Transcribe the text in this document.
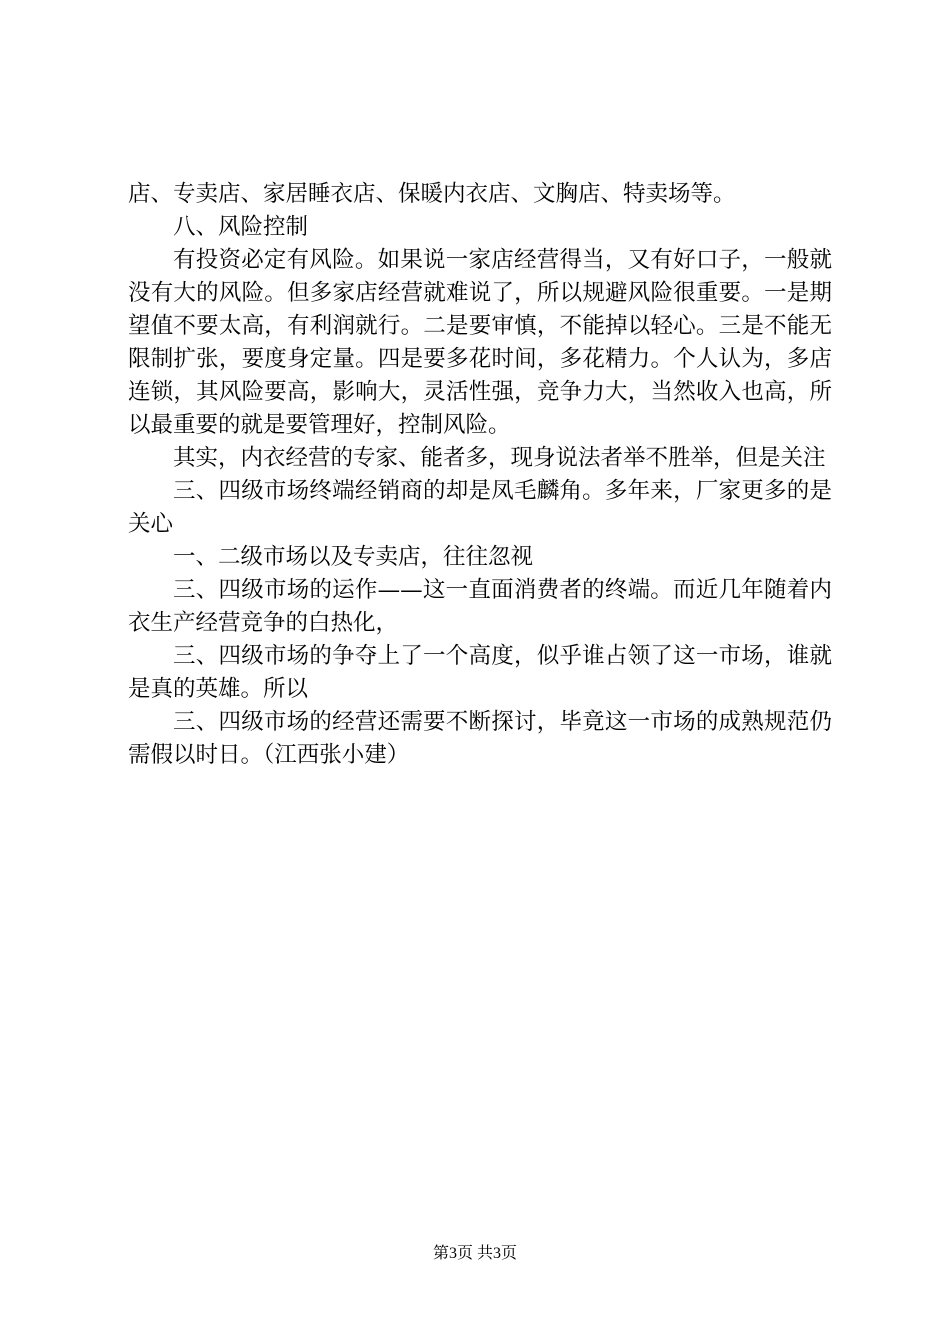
店、专卖店、家居睡衣店、保暖内衣店、文胸店、特卖场等。

八、风险控制

有投资必定有风险。如果说一家店经营得当，又有好口子，一般就没有大的风险。但多家店经营就难说了，所以规避风险很重要。一是期望值不要太高，有利润就行。二是要审慎，不能掉以轻心。三是不能无限制扩张，要度身定量。四是要多花时间，多花精力。个人认为，多店连锁，其风险要高，影响大，灵活性强，竞争力大，当然收入也高，所以最重要的就是要管理好，控制风险。

其实，内衣经营的专家、能者多，现身说法者举不胜举，但是关注

三、四级市场终端经销商的却是凤毛麟角。多年来，厂家更多的是关心

一、二级市场以及专卖店，往往忽视

三、四级市场的运作——这一直面消费者的终端。而近几年随着内衣生产经营竞争的白热化，

三、四级市场的争夺上了一个高度，似乎谁占领了这一市场，谁就是真的英雄。所以

三、四级市场的经营还需要不断探讨，毕竟这一市场的成熟规范仍需假以时日。（江西张小建）

第3页 共3页
